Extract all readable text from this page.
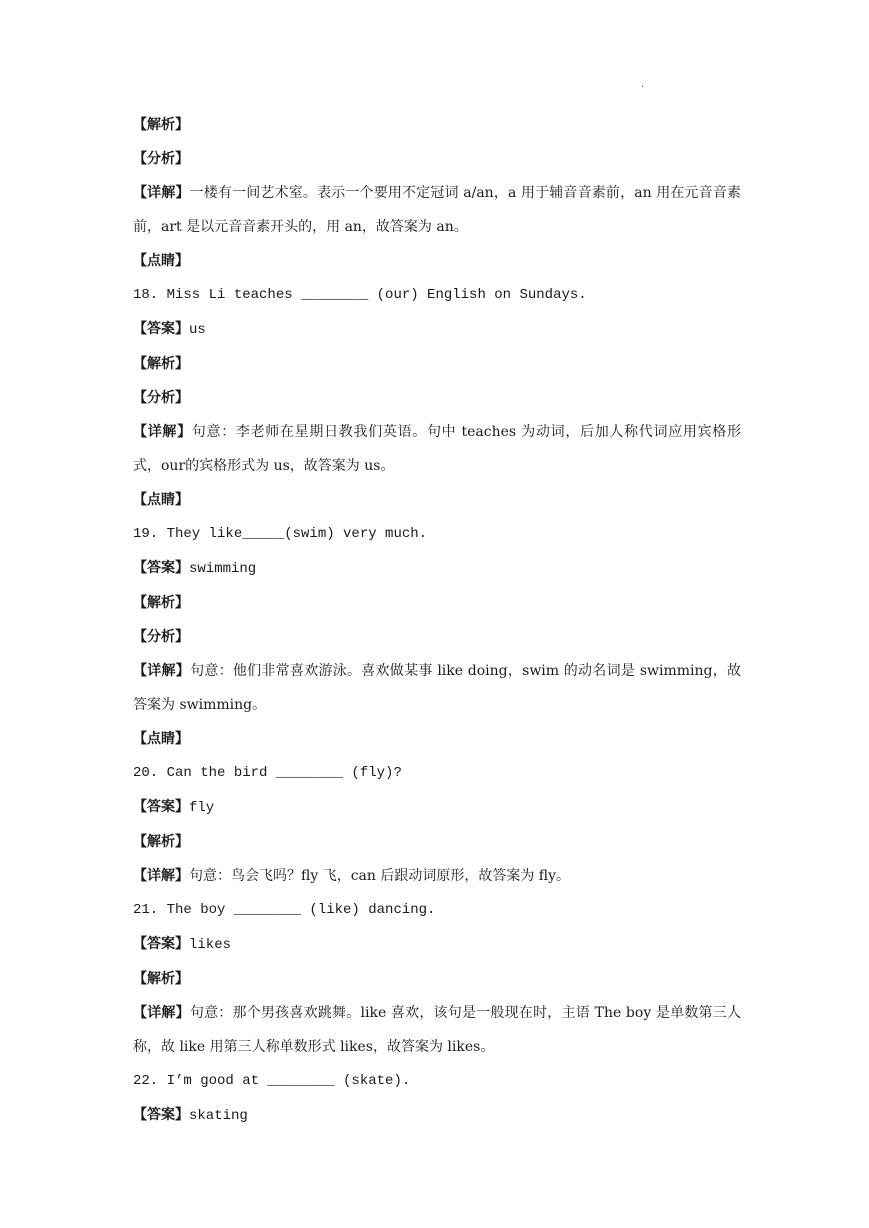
·
【解析】
【分析】
【详解】一楼有一间艺术室。表示一个要用不定冠词 a/an，a 用于辅音音素前，an 用在元音音素前，art 是以元音音素开头的，用 an，故答案为 an。
【点睛】
18. Miss Li teaches ________ (our) English on Sundays.
【答案】us
【解析】
【分析】
【详解】句意：李老师在星期日教我们英语。句中 teaches 为动词，后加人称代词应用宾格形式，our的宾格形式为 us，故答案为 us。
【点睛】
19. They like_____(swim) very much.
【答案】swimming
【解析】
【分析】
【详解】句意：他们非常喜欢游泳。喜欢做某事 like doing，swim 的动名词是 swimming，故答案为 swimming。
【点睛】
20. Can the bird ________ (fly)?
【答案】fly
【解析】
【详解】句意：鸟会飞吗？fly 飞，can 后跟动词原形，故答案为 fly。
21. The boy ________ (like) dancing.
【答案】likes
【解析】
【详解】句意：那个男孩喜欢跳舞。like 喜欢，该句是一般现在时，主语 The boy 是单数第三人称，故 like 用第三人称单数形式 likes，故答案为 likes。
22. I’m good at ________ (skate).
【答案】skating
